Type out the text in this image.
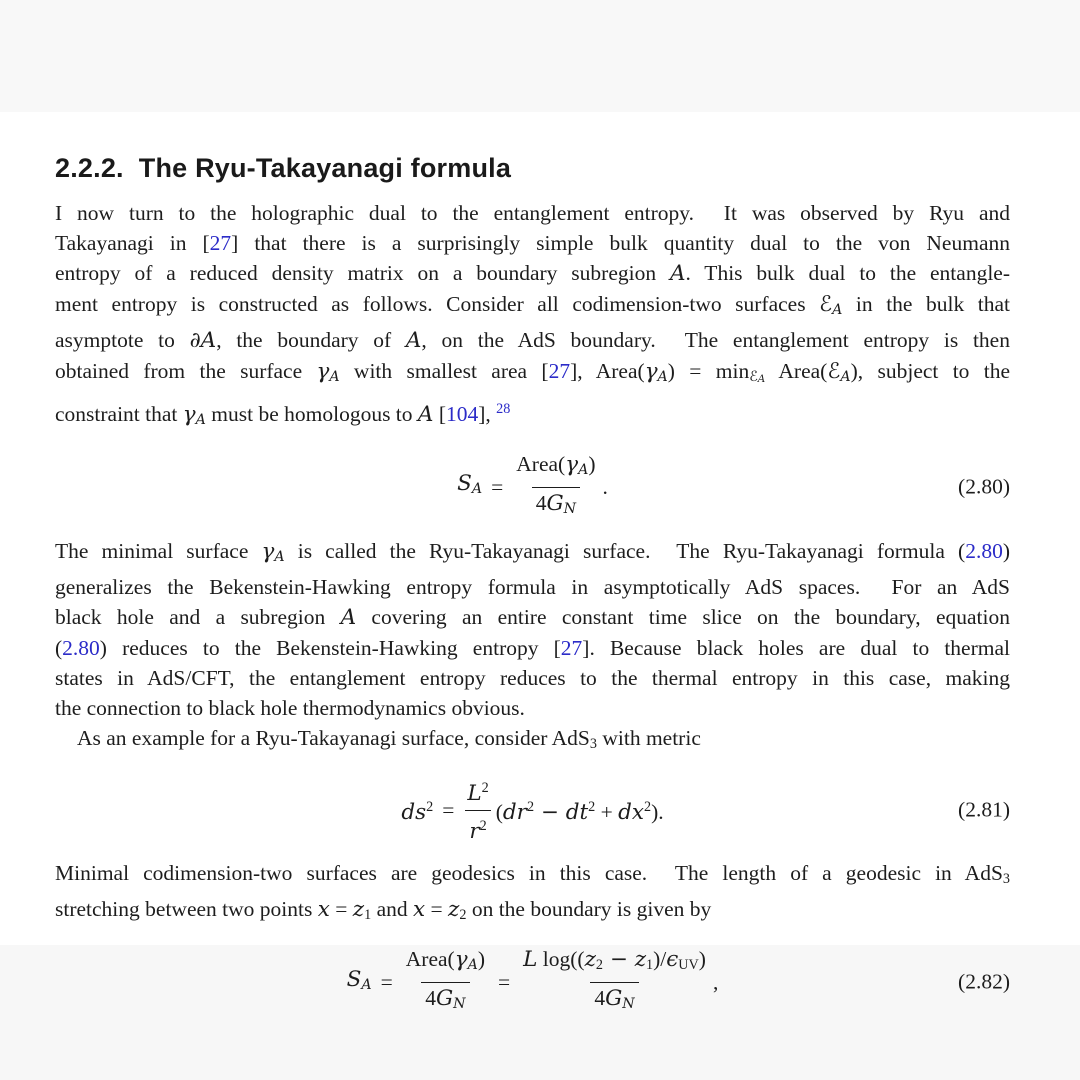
2.2.2. The Ryu-Takayanagi formula
I now turn to the holographic dual to the entanglement entropy.  It was observed by Ryu and
Takayanagi in [27] that there is a surprisingly simple bulk quantity dual to the von Neumann
entropy of a reduced density matrix on a boundary subregion A. This bulk dual to the entangle-
ment entropy is constructed as follows. Consider all codimension-two surfaces ℰA in the bulk that
asymptote to ∂A, the boundary of A, on the AdS boundary.  The entanglement entropy is then
obtained from the surface γA with smallest area [27], Area(γA) = minℰA Area(ℰA), subject to the
constraint that γA must be homologous to A [104], $^{28}$
SA = $\frac{\text{Area(γA)}}{4GN}$ .	(2.80)
The minimal surface γA is called the Ryu-Takayanagi surface.  The Ryu-Takayanagi formula (2.80)
generalizes the Bekenstein-Hawking entropy formula in asymptotically AdS spaces.  For an AdS
black hole and a subregion A covering an entire constant time slice on the boundary, equation
(2.80) reduces to the Bekenstein-Hawking entropy [27]. Because black holes are dual to thermal
states in AdS/CFT, the entanglement entropy reduces to the thermal entropy in this case, making
the connection to black hole thermodynamics obvious.
As an example for a Ryu-Takayanagi surface, consider AdS3 with metric
$ds^2 = \frac{L^2}{r^2} (dr^2 - dt^2 + dx^2)$.	(2.81)
Minimal codimension-two surfaces are geodesics in this case.  The length of a geodesic in AdS3
stretching between two points x = z1 and x = z2 on the boundary is given by
SA = $\frac{\text{Area(γA)}}{4GN} = \frac{\text{L log((z2 − z1)/ϵUV)}}{4GN}$ ,	(2.82)
